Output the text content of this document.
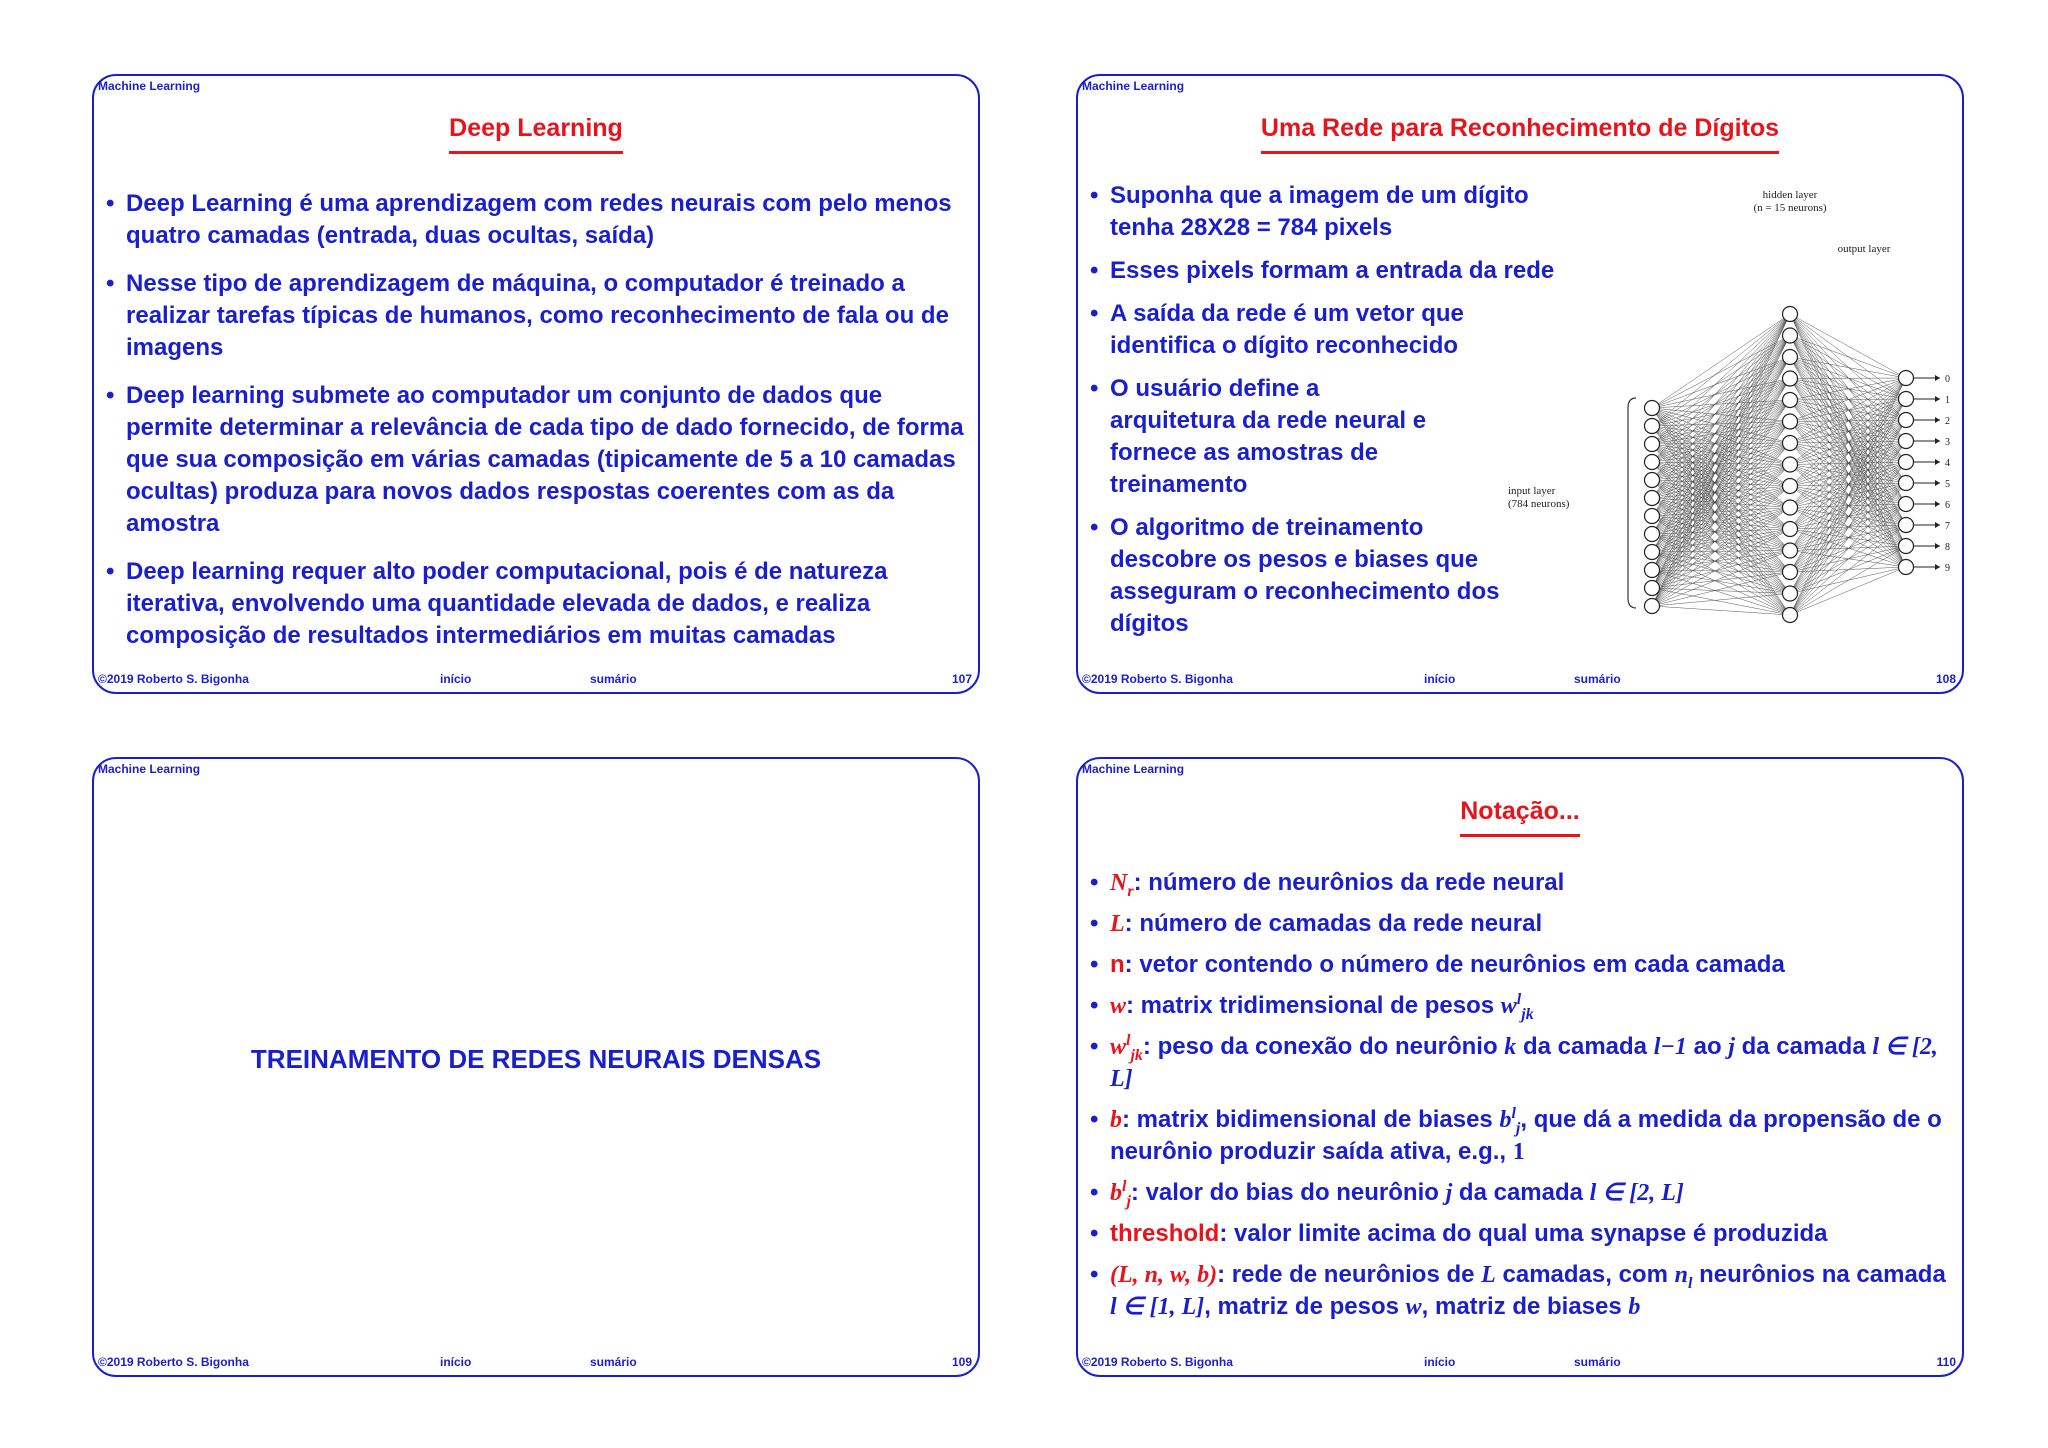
Machine Learning
Deep Learning
• Deep Learning é uma aprendizagem com redes neurais com pelo menos quatro camadas (entrada, duas ocultas, saída)
• Nesse tipo de aprendizagem de máquina, o computador é treinado a realizar tarefas típicas de humanos, como reconhecimento de fala ou de imagens
• Deep learning submete ao computador um conjunto de dados que permite determinar a relevância de cada tipo de dado fornecido, de forma que sua composição em várias camadas (tipicamente de 5 a 10 camadas ocultas) produza para novos dados respostas coerentes com as da amostra
• Deep learning requer alto poder computacional, pois é de natureza iterativa, envolvendo uma quantidade elevada de dados, e realiza composição de resultados intermediários em muitas camadas
©2019 Roberto S. Bigonha	início	sumário	107
Machine Learning
Uma Rede para Reconhecimento de Dígitos
• Suponha que a imagem de um dígito tenha 28X28 = 784 pixels
• Esses pixels formam a entrada da rede
• A saída da rede é um vetor que identifica o dígito reconhecido
• O usuário define a arquitetura da rede neural e fornece as amostras de treinamento
• O algoritmo de treinamento descobre os pesos e biases que asseguram o reconhecimento dos dígitos
hidden layer
(n = 15 neurons)
output layer
input layer
(784 neurons)
0
1
2
3
4
5
6
7
8
9
©2019 Roberto S. Bigonha	início	sumário	108
Machine Learning
TREINAMENTO DE REDES NEURAIS DENSAS
©2019 Roberto S. Bigonha	início	sumário	109
Machine Learning
Notação...
• $N_r$: número de neurônios da rede neural
• L: número de camadas da rede neural
• n: vetor contendo o número de neurônios em cada camada
• w: matrix tridimensional de pesos $w^l_{jk}$
• $w^l_{jk}$: peso da conexão do neurônio k da camada l−1 ao j da camada l ∈ [2, L]
• b: matrix bidimensional de biases $b^l_j$, que dá a medida da propensão de o neurônio produzir saída ativa, e.g., 1
• $b^l_j$: valor do bias do neurônio j da camada l ∈ [2, L]
• threshold: valor limite acima do qual uma synapse é produzida
• (L, n, w, b): rede de neurônios de L camadas, com $n_l$ neurônios na camada l ∈ [1, L], matriz de pesos w, matriz de biases b
©2019 Roberto S. Bigonha	início	sumário	110
